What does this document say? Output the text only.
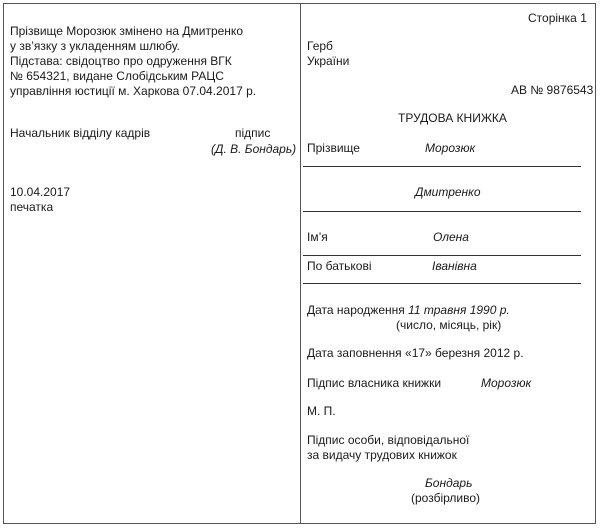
Прізвище Морозюк змінено на Дмитренко
у зв’язку з укладенням шлюбу.
Підстава: свідоцтво про одруження ВГК
№ 654321, видане Слобідським РАЦС
управління юстиції м. Харкова 07.04.2017 р.
Начальник відділу кадрів	підпис
(Д. В. Бондарь)
10.04.2017
печатка
Сторінка 1
Герб
України
АВ № 9876543
ТРУДОВА КНИЖКА
Прізвище	Морозюк
Дмитренко
Ім’я	Олена
По батькові	Іванівна
Дата народження 11 травня 1990 р.
(число, місяць, рік)
Дата заповнення «17» березня 2012 р.
Підпис власника книжки	Морозюк
М. П.
Підпис особи, відповідальної
за видачу трудових книжок
Бондарь
(розбірливо)
